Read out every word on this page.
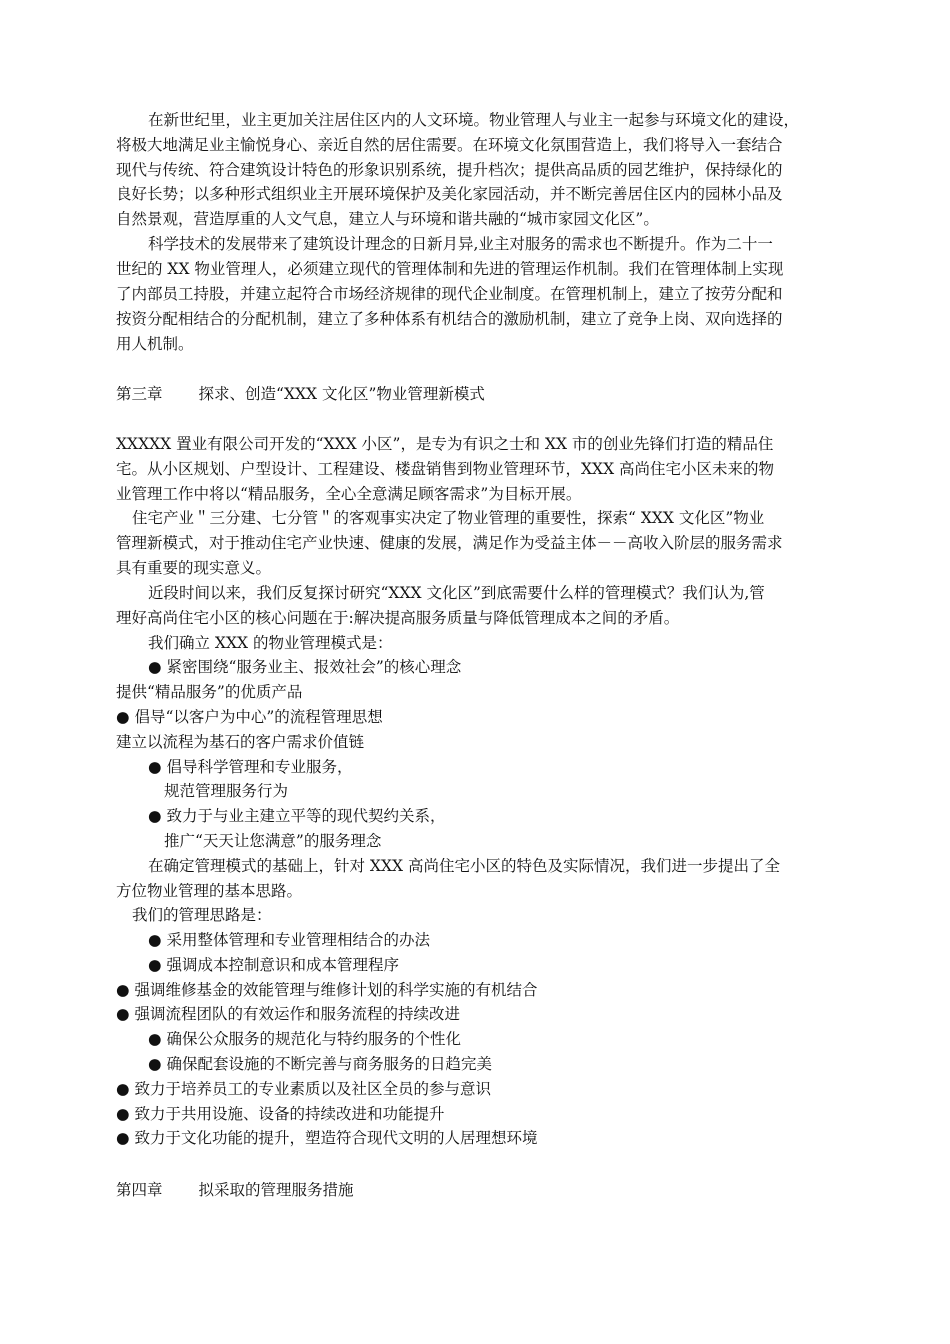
在新世纪里，业主更加关注居住区内的人文环境。物业管理人与业主一起参与环境文化的建设，
将极大地满足业主愉悦身心、亲近自然的居住需要。在环境文化氛围营造上，我们将导入一套结合
现代与传统、符合建筑设计特色的形象识别系统，提升档次；提供高品质的园艺维护，保持绿化的
良好长势；以多种形式组织业主开展环境保护及美化家园活动，并不断完善居住区内的园林小品及
自然景观，营造厚重的人文气息，建立人与环境和谐共融的“城市家园文化区”。
科学技术的发展带来了建筑设计理念的日新月异,业主对服务的需求也不断提升。作为二十一
世纪的 XX 物业管理人，必须建立现代的管理体制和先进的管理运作机制。我们在管理体制上实现
了内部员工持股，并建立起符合市场经济规律的现代企业制度。在管理机制上，建立了按劳分配和
按资分配相结合的分配机制，建立了多种体系有机结合的激励机制，建立了竞争上岗、双向选择的
用人机制。
第三章 探求、创造“XXX 文化区”物业管理新模式
XXXXX 置业有限公司开发的“XXX 小区”，是专为有识之士和 XX 市的创业先锋们打造的精品住
宅。从小区规划、户型设计、工程建设、楼盘销售到物业管理环节，XXX 高尚住宅小区未来的物
业管理工作中将以“精品服务，全心全意满足顾客需求”为目标开展。
住宅产业＂三分建、七分管＂的客观事实决定了物业管理的重要性，探索“ XXX 文化区”物业
管理新模式，对于推动住宅产业快速、健康的发展，满足作为受益主体－－高收入阶层的服务需求
具有重要的现实意义。
近段时间以来，我们反复探讨研究“XXX 文化区”到底需要什么样的管理模式？我们认为,管
理好高尚住宅小区的核心问题在于:解决提高服务质量与降低管理成本之间的矛盾。
我们确立 XXX 的物业管理模式是：
● 紧密围绕“服务业主、报效社会”的核心理念
提供“精品服务”的优质产品
● 倡导“以客户为中心”的流程管理思想
建立以流程为基石的客户需求价值链
● 倡导科学管理和专业服务，
规范管理服务行为
● 致力于与业主建立平等的现代契约关系，
推广“天天让您满意”的服务理念
在确定管理模式的基础上，针对 XXX 高尚住宅小区的特色及实际情况，我们进一步提出了全
方位物业管理的基本思路。
我们的管理思路是：
● 采用整体管理和专业管理相结合的办法
● 强调成本控制意识和成本管理程序
● 强调维修基金的效能管理与维修计划的科学实施的有机结合
● 强调流程团队的有效运作和服务流程的持续改进
● 确保公众服务的规范化与特约服务的个性化
● 确保配套设施的不断完善与商务服务的日趋完美
● 致力于培养员工的专业素质以及社区全员的参与意识
● 致力于共用设施、设备的持续改进和功能提升
● 致力于文化功能的提升，塑造符合现代文明的人居理想环境
第四章 拟采取的管理服务措施
